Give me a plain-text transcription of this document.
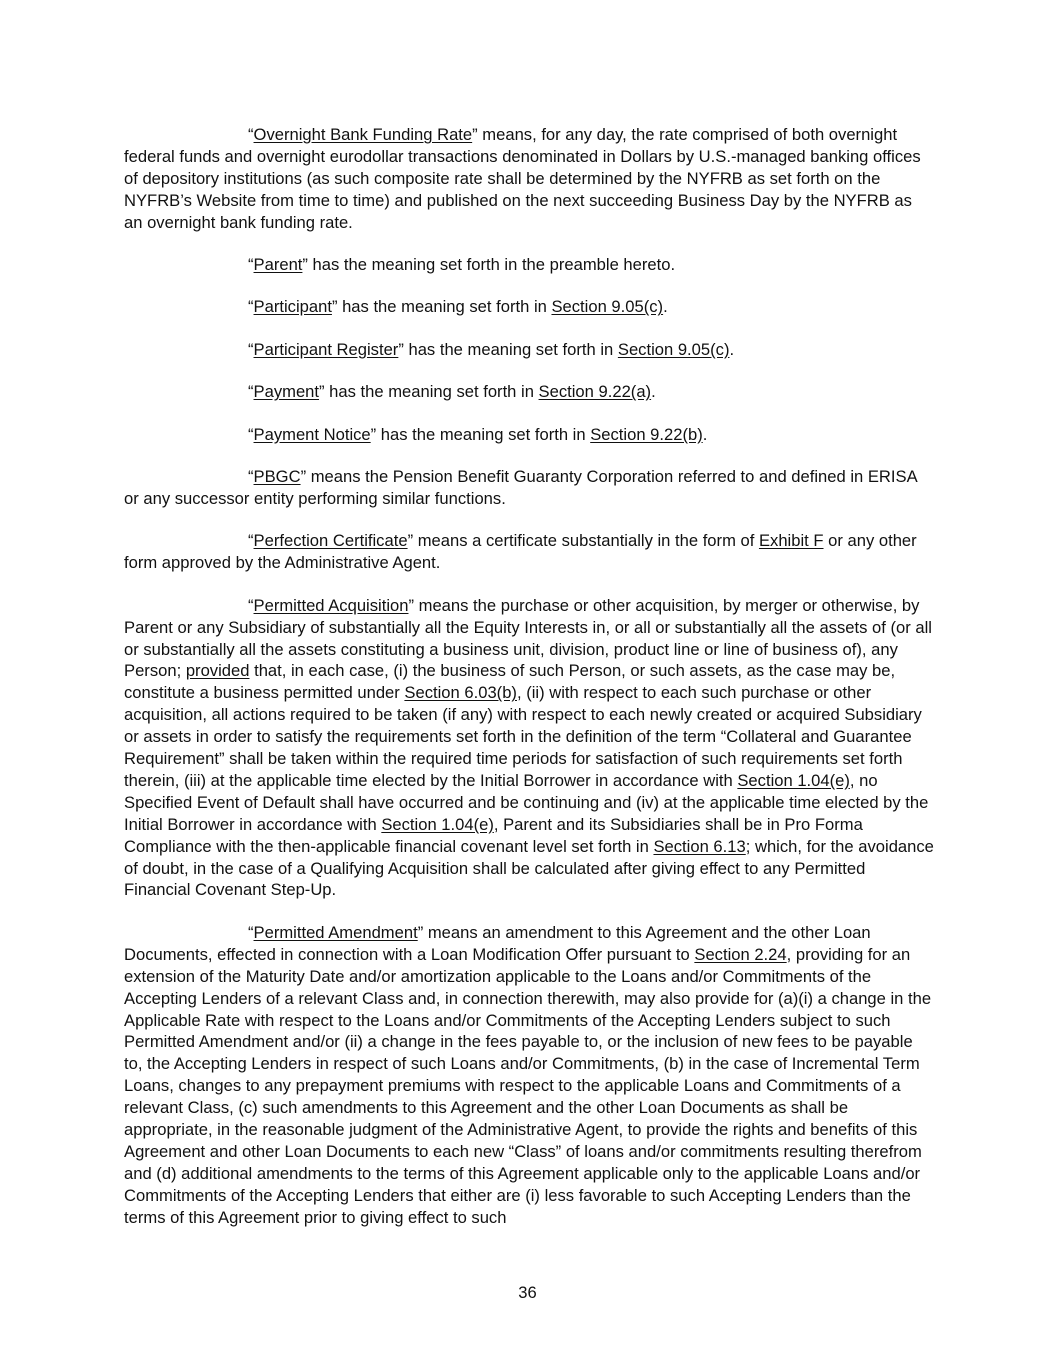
“Overnight Bank Funding Rate” means, for any day, the rate comprised of both overnight federal funds and overnight eurodollar transactions denominated in Dollars by U.S.-managed banking offices of depository institutions (as such composite rate shall be determined by the NYFRB as set forth on the NYFRB’s Website from time to time) and published on the next succeeding Business Day by the NYFRB as an overnight bank funding rate.

“Parent” has the meaning set forth in the preamble hereto.

“Participant” has the meaning set forth in Section 9.05(c).

“Participant Register” has the meaning set forth in Section 9.05(c).

“Payment” has the meaning set forth in Section 9.22(a).

“Payment Notice” has the meaning set forth in Section 9.22(b).

“PBGC” means the Pension Benefit Guaranty Corporation referred to and defined in ERISA or any successor entity performing similar functions.

“Perfection Certificate” means a certificate substantially in the form of Exhibit F or any other form approved by the Administrative Agent.

“Permitted Acquisition” means the purchase or other acquisition, by merger or otherwise, by Parent or any Subsidiary of substantially all the Equity Interests in, or all or substantially all the assets of (or all or substantially all the assets constituting a business unit, division, product line or line of business of), any Person; provided that, in each case, (i) the business of such Person, or such assets, as the case may be, constitute a business permitted under Section 6.03(b), (ii) with respect to each such purchase or other acquisition, all actions required to be taken (if any) with respect to each newly created or acquired Subsidiary or assets in order to satisfy the requirements set forth in the definition of the term “Collateral and Guarantee Requirement” shall be taken within the required time periods for satisfaction of such requirements set forth therein, (iii) at the applicable time elected by the Initial Borrower in accordance with Section 1.04(e), no Specified Event of Default shall have occurred and be continuing and (iv) at the applicable time elected by the Initial Borrower in accordance with Section 1.04(e), Parent and its Subsidiaries shall be in Pro Forma Compliance with the then-applicable financial covenant level set forth in Section 6.13; which, for the avoidance of doubt, in the case of a Qualifying Acquisition shall be calculated after giving effect to any Permitted Financial Covenant Step-Up.

“Permitted Amendment” means an amendment to this Agreement and the other Loan Documents, effected in connection with a Loan Modification Offer pursuant to Section 2.24, providing for an extension of the Maturity Date and/or amortization applicable to the Loans and/or Commitments of the Accepting Lenders of a relevant Class and, in connection therewith, may also provide for (a)(i) a change in the Applicable Rate with respect to the Loans and/or Commitments of the Accepting Lenders subject to such Permitted Amendment and/or (ii) a change in the fees payable to, or the inclusion of new fees to be payable to, the Accepting Lenders in respect of such Loans and/or Commitments, (b) in the case of Incremental Term Loans, changes to any prepayment premiums with respect to the applicable Loans and Commitments of a relevant Class, (c) such amendments to this Agreement and the other Loan Documents as shall be appropriate, in the reasonable judgment of the Administrative Agent, to provide the rights and benefits of this Agreement and other Loan Documents to each new “Class” of loans and/or commitments resulting therefrom and (d) additional amendments to the terms of this Agreement applicable only to the applicable Loans and/or Commitments of the Accepting Lenders that either are (i) less favorable to such Accepting Lenders than the terms of this Agreement prior to giving effect to such

36
